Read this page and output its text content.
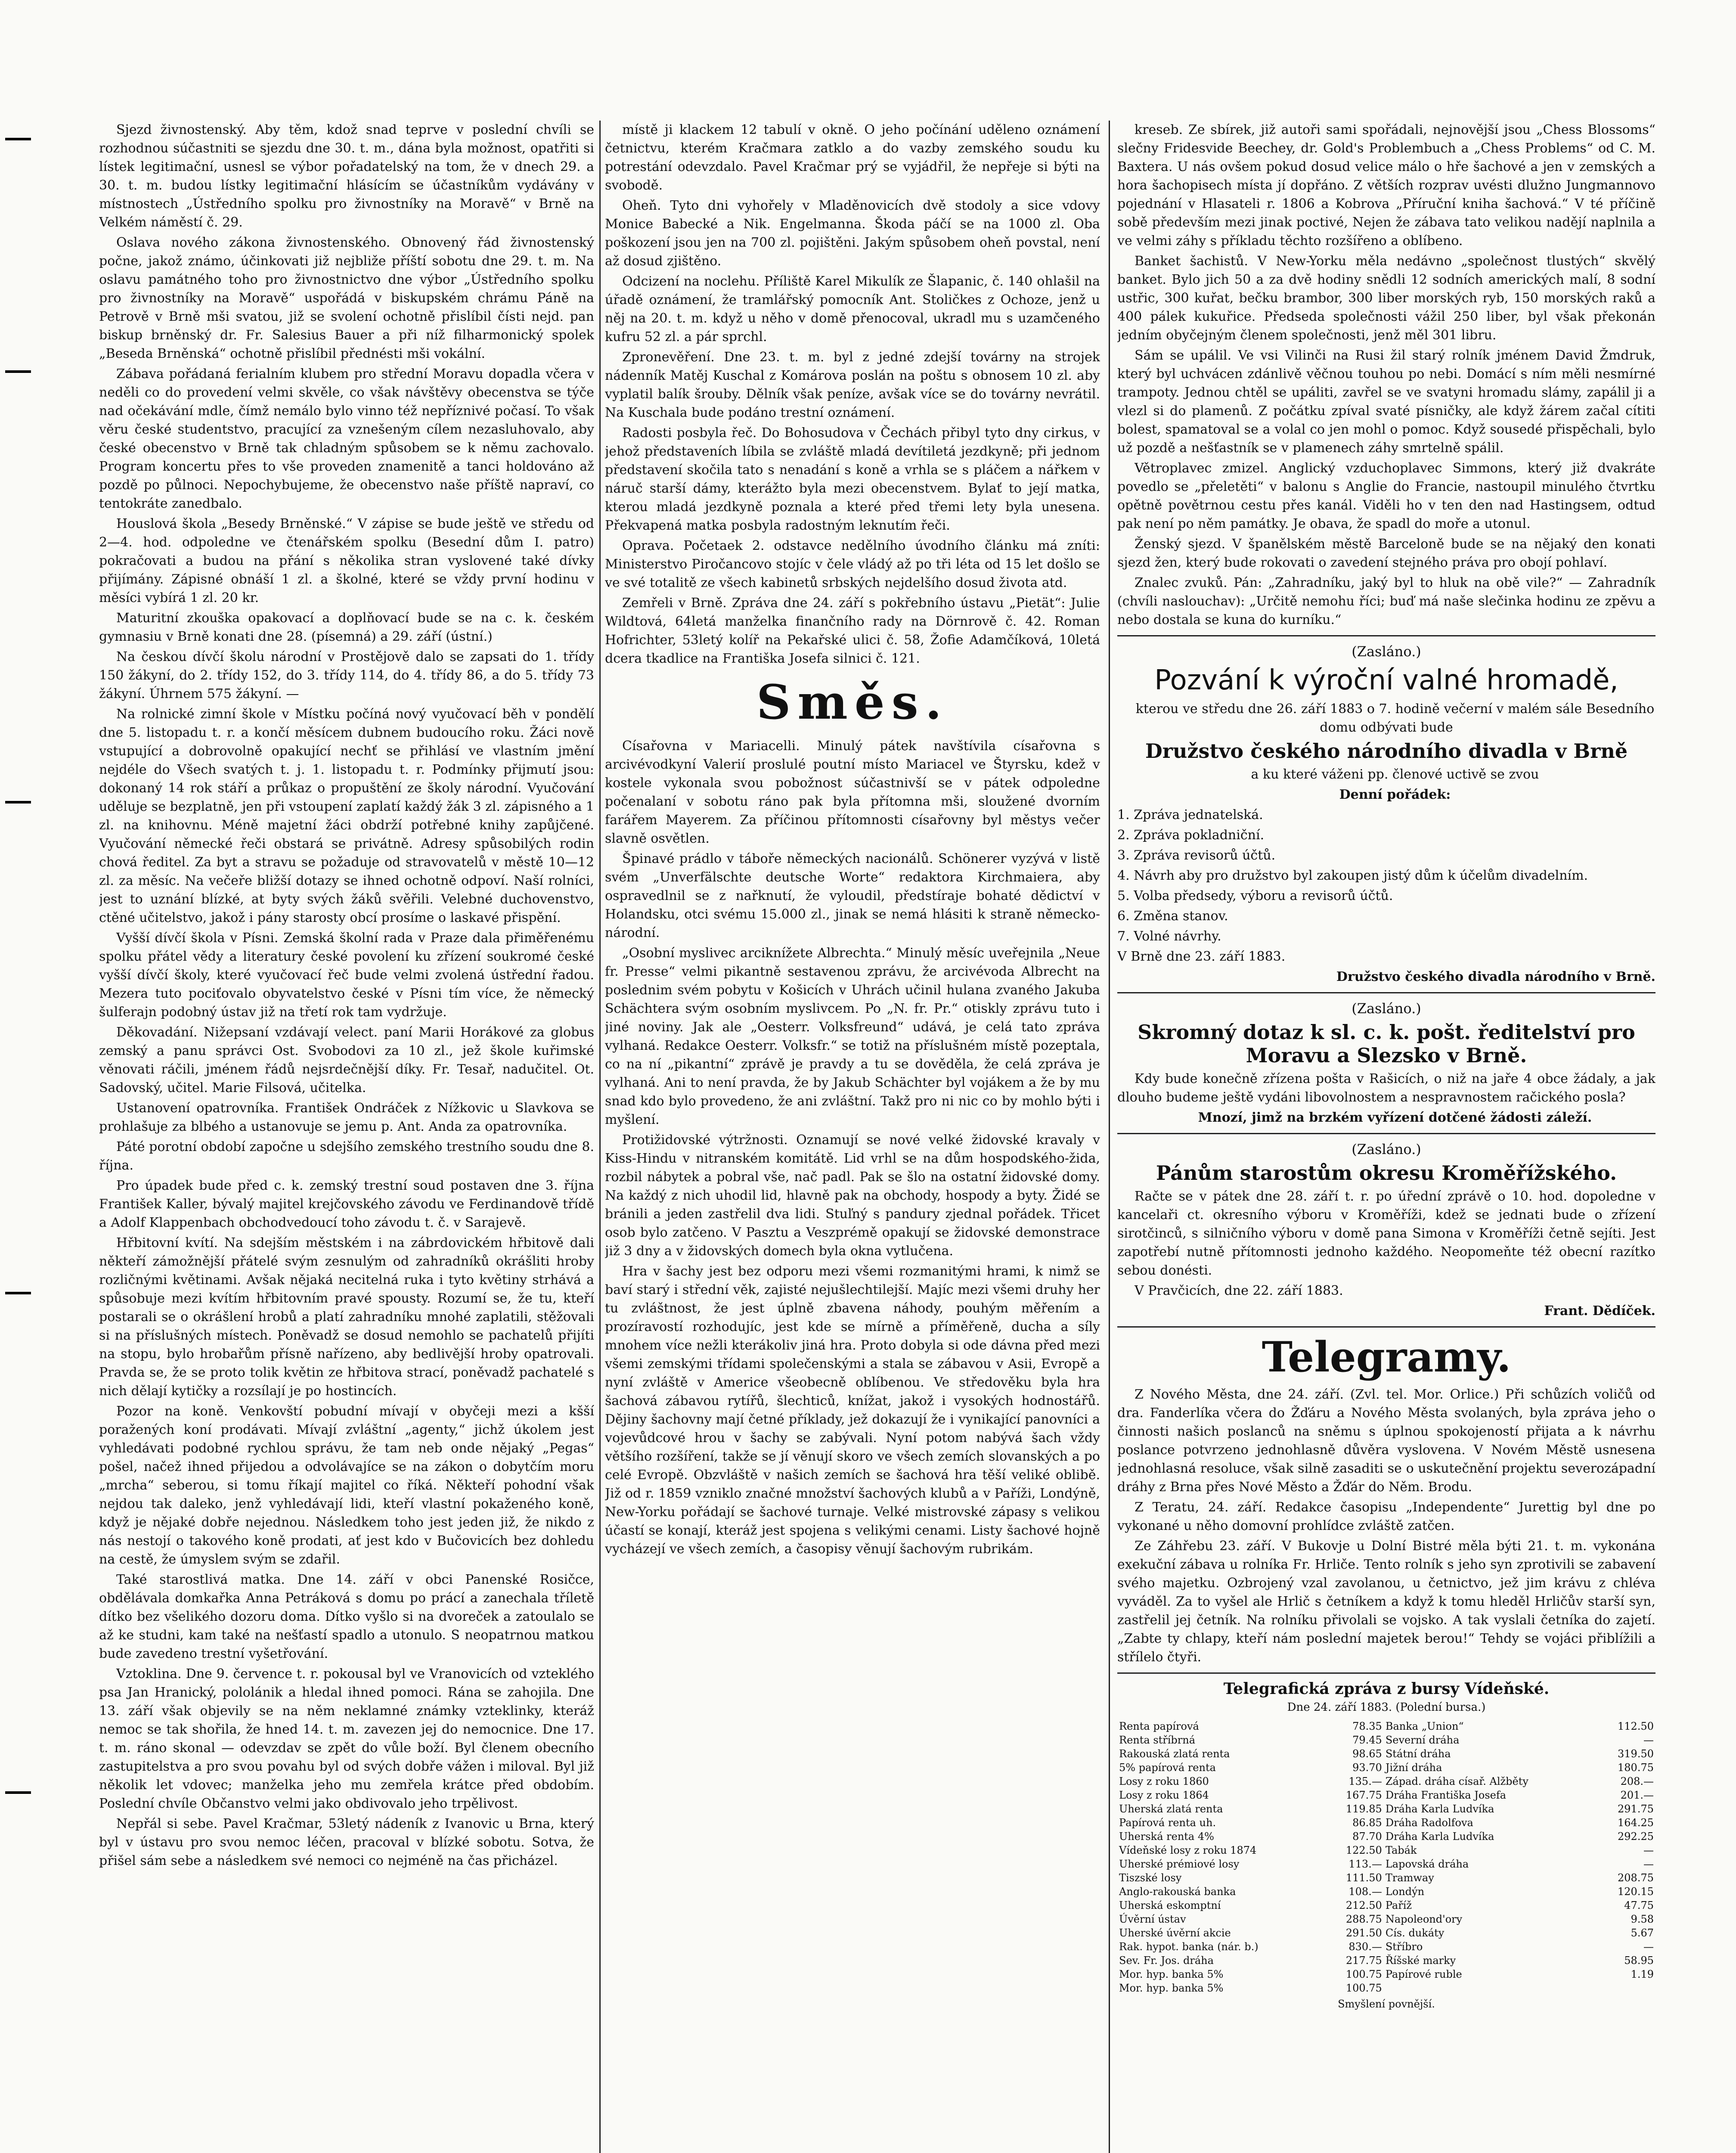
Sjezd živnostenský. Aby těm, kdož snad teprve v poslední chvíli se rozhodnou súčastniti se sjezdu dne 30. t. m., dána byla možnost, opatřiti si lístek legitimační, usnesl se výbor pořadatelský na tom, že v dnech 29. a 30. t. m. budou lístky legitimační hlásícím se účastníkům vydávány v místnostech „Ústředního spolku pro živnostníky na Moravě“ v Brně na Velkém náměstí č. 29.

Oslava nového zákona živnostenského. Obnovený řád živnostenský počne, jakož známo, účinkovati již nejbliže příští sobotu dne 29. t. m. Na oslavu památného toho pro živnostnictvo dne výbor „Ústředního spolku pro živnostníky na Moravě“ uspořádá v biskupském chrámu Páně na Petrově v Brně mši svatou, již se svolení ochotně přislíbil čísti nejd. pan biskup brněnský dr. Fr. Salesius Bauer a při níž filharmonický spolek „Beseda Brněnská“ ochotně přislíbil přednésti mši vokální.

Zábava pořádaná ferialním klubem pro střední Moravu dopadla včera v neděli co do provedení velmi skvěle, co však návštěvy obecenstva se týče nad očekávání mdle, čímž nemálo bylo vinno též nepříznivé počasí. To však věru české studentstvo, pracující za vznešeným cílem nezasluhovalo, aby české obecenstvo v Brně tak chladným spůsobem se k němu zachovalo. Program koncertu přes to vše proveden znamenitě a tanci holdováno až pozdě po půlnoci. Nepochybujeme, že obecenstvo naše příště napraví, co tentokráte zanedbalo.

Houslová škola „Besedy Brněnské.“ V zápise se bude ještě ve středu od 2—4. hod. odpoledne ve čtenářském spolku (Besední dům I. patro) pokračovati a budou na přání s několika stran vyslovené také dívky přijímány. Zápisné obnáší 1 zl. a školné, které se vždy první hodinu v měsíci vybírá 1 zl. 20 kr.

Maturitní zkouška opakovací a doplňovací bude se na c. k. českém gymnasiu v Brně konati dne 28. (písemná) a 29. září (ústní.)

Na českou dívčí školu národní v Prostějově dalo se zapsati do 1. třídy 150 žákyní, do 2. třídy 152, do 3. třídy 114, do 4. třídy 86, a do 5. třídy 73 žákyní. Úhrnem 575 žákyní. —

Na rolnické zimní škole v Místku počíná nový vyučovací běh v pondělí dne 5. listopadu t. r. a končí měsícem dubnem budoucího roku. Žáci nově vstupující a dobrovolně opakující nechť se přihlásí ve vlastním jmění nejdéle do Všech svatých t. j. 1. listopadu t. r. Podmínky přijmutí jsou: dokonaný 14 rok stáří a průkaz o propuštění ze školy národní. Vyučování uděluje se bezplatně, jen při vstoupení zaplatí každý žák 3 zl. zápisného a 1 zl. na knihovnu. Méně majetní žáci obdrží potřebné knihy zapůjčené. Vyučování německé řeči obstará se privátně. Adresy spůsobilých rodin chová ředitel. Za byt a stravu se požaduje od stravovatelů v městě 10—12 zl. za měsíc. Na večeře bližší dotazy se ihned ochotně odpoví. Naší rolníci, jest to uznání blízké, at byty svých žáků svěřili. Velebné duchovenstvo, ctěné učitelstvo, jakož i pány starosty obcí prosíme o laskavé přispění.

Vyšší dívčí škola v Písni. Zemská školní rada v Praze dala přiměřenému spolku přátel vědy a literatury české povolení ku zřízení soukromé české vyšší dívčí školy, které vyučovací řeč bude velmi zvolená ústřední řadou. Mezera tuto pociťovalo obyvatelstvo české v Písni tím více, že německý šulferajn podobný ústav již na třetí rok tam vydržuje.

Děkovadání. Nižepsaní vzdávají velect. paní Marii Horákové za globus zemský a panu správci Ost. Svobodovi za 10 zl., jež škole kuřimské věnovati ráčili, jménem řádů nejsrdečnější díky. Fr. Tesař, nadučitel. Ot. Sadovský, učitel. Marie Filsová, učitelka.

Ustanovení opatrovníka. František Ondráček z Nížkovic u Slavkova se prohlašuje za blbého a ustanovuje se jemu p. Ant. Anda za opatrovníka.

Páté porotní období započne u sdejšího zemského trestního soudu dne 8. října.

Pro úpadek bude před c. k. zemský trestní soud postaven dne 3. října František Kaller, bývalý majitel krejčovského závodu ve Ferdinandově třídě a Adolf Klappenbach obchodvedoucí toho závodu t. č. v Sarajevě.

Hřbitovní kvítí. Na sdejším městském i na zábrdovickém hřbitově dali někteří zámožnější přátelé svým zesnulým od zahradníků okrášliti hroby rozličnými květinami. Avšak nějaká necitelná ruka i tyto květiny strhává a spůsobuje mezi kvítím hřbitovním pravé spousty. Rozumí se, že tu, kteří postarali se o okrášlení hrobů a platí zahradníku mnohé zaplatili, stěžovali si na příslušných místech. Poněvadž se dosud nemohlo se pachatelů přijíti na stopu, bylo hrobařům přísně nařízeno, aby bedlivější hroby opatrovali. Pravda se, že se proto tolik květin ze hřbitova strací, poněvadž pachatelé s nich dělají kytičky a rozsílají je po hostincích.

Pozor na koně. Venkovští pobudní mívají v obyčeji mezi a kšší poražených koní prodávati. Mívají zvláštní „agenty,“ jichž úkolem jest vyhledávati podobné rychlou správu, že tam neb onde nějaký „Pegas“ pošel, načež ihned přijedou a odvolávajíce se na zákon o dobytčím moru „mrcha“ seberou, si tomu říkají majitel co říká. Někteří pohodní však nejdou tak daleko, jenž vyhledávají lidi, kteří vlastní pokaženého koně, když je nějaké dobře nejednou. Následkem toho jest jeden již, že nikdo z nás nestojí o takového koně prodati, ať jest kdo v Bučovicích bez dohledu na cestě, že úmyslem svým se zdařil.

Také starostlivá matka. Dne 14. září v obci Panenské Rosičce, obdělávala domkařka Anna Petráková s domu po prácí a zanechala tříletě dítko bez všelikého dozoru doma. Dítko vyšlo si na dvoreček a zatoulalo se až ke studni, kam také na nešťastí spadlo a utonulo. S neopatrnou matkou bude zavedeno trestní vyšetřování.

Vztoklina. Dne 9. července t. r. pokousal byl ve Vranovicích od vzteklého psa Jan Hranický, pololánik a hledal ihned pomoci. Rána se zahojila. Dne 13. září však objevily se na něm neklamné známky vzteklinky, kteráž nemoc se tak shořila, že hned 14. t. m. zavezen jej do nemocnice. Dne 17. t. m. ráno skonal — odevzdav se zpět do vůle boží. Byl členem obecního zastupitelstva a pro svou povahu byl od svých dobře vážen i miloval. Byl již několik let vdovec; manželka jeho mu zemřela krátce před obdobím. Poslední chvíle Občanstvo velmi jako obdivovalo jeho trpělivost.

Nepřál si sebe. Pavel Kračmar, 53letý nádeník z Ivanovic u Brna, který byl v ústavu pro svou nemoc léčen, pracoval v blízké sobotu. Sotva, že přišel sám sebe a následkem své nemoci co nejméně na čas přicházel.

místě ji klackem 12 tabulí v okně. O jeho počínání uděleno oznámení četnictvu, kterém Kračmara zatklo a do vazby zemského soudu ku potrestání odevzdalo. Pavel Kračmar prý se vyjádřil, že nepřeje si býti na svobodě.

Oheň. Tyto dni vyhořely v Mladěnovicích dvě stodoly a sice vdovy Monice Babecké a Nik. Engelmanna. Škoda páčí se na 1000 zl. Oba poškození jsou jen na 700 zl. pojištěni. Jakým spůsobem oheň povstal, není až dosud zjištěno.

Odcizení na noclehu. Příliště Karel Mikulík ze Šlapanic, č. 140 ohlašil na úřadě oznámení, že tramlářský pomocník Ant. Stoličkes z Ochoze, jenž u něj na 20. t. m. když u něho v domě přenocoval, ukradl mu s uzamčeného kufru 52 zl. a pár sprchl.

Zpronevěření. Dne 23. t. m. byl z jedné zdejší továrny na strojek nádenník Matěj Kuschal z Komárova poslán na poštu s obnosem 10 zl. aby vyplatil balík šrouby. Dělník však peníze, avšak více se do továrny nevrátil. Na Kuschala bude podáno trestní oznámení.

Radosti posbyla řeč. Do Bohosudova v Čechách přibyl tyto dny cirkus, v jehož představeních líbila se zvláště mladá devítiletá jezdkyně; při jednom představení skočila tato s nenadání s koně a vrhla se s pláčem a nářkem v náruč starší dámy, kterážto byla mezi obecenstvem. Bylať to její matka, kterou mladá jezdkyně poznala a které před třemi lety byla unesena. Překvapená matka posbyla radostným leknutím řeči.

Oprava. Početaek 2. odstavce nedělního úvodního článku má zníti: Ministerstvo Piročancovo stojíc v čele vládý až po tři léta od 15 let došlo se ve své totalitě ze všech kabinetů srbských nejdelšího dosud života atd.

Zemřeli v Brně. Zpráva dne 24. září s pokřebního ústavu „Pietät“: Julie Wildtová, 64letá manželka finančního rady na Dörnrově č. 42. Roman Hofrichter, 53letý kolíř na Pekařské ulici č. 58, Žofie Adamčíková, 10letá dcera tkadlice na Františka Josefa silnici č. 121.

Směs.

Císařovna v Mariacelli. Minulý pátek navštívila císařovna s arcivévodkyní Valerií proslulé poutní místo Mariacel ve Štyrsku, kdež v kostele vykonala svou pobožnost súčastnivší se v pátek odpoledne počenalaní v sobotu ráno pak byla přítomna mši, sloužené dvorním farářem Mayerem. Za příčinou přítomnosti císařovny byl městys večer slavně osvětlen.

Špinavé prádlo v táboře německých nacionálů. Schönerer vyzývá v listě svém „Unverfälschte deutsche Worte“ redaktora Kirchmaiera, aby ospravedlnil se z nařknutí, že vyloudil, předstíraje bohaté dědictví v Holandsku, otci svému 15.000 zl., jinak se nemá hlásiti k straně německo-národní.

„Osobní myslivec arciknížete Albrechta.“ Minulý měsíc uveřejnila „Neue fr. Presse“ velmi pikantně sestavenou zprávu, že arcivévoda Albrecht na poslednim svém pobytu v Košicích v Uhrách učinil hulana zvaného Jakuba Schächtera svým osobním myslivcem. Po „N. fr. Pr.“ otiskly zprávu tuto i jiné noviny. Jak ale „Oesterr. Volksfreund“ udává, je celá tato zpráva vylhaná. Redakce Oesterr. Volksfr.“ se totiž na příslušném místě pozeptala, co na ní „pikantní“ zprávě je pravdy a tu se dověděla, že celá zpráva je vylhaná. Ani to není pravda, že by Jakub Schächter byl vojákem a že by mu snad kdo bylo provedeno, že ani zvláštní. Takž pro ni nic co by mohlo býti i myšlení.

Protižidovské výtržnosti. Oznamují se nové velké židovské kravaly v Kiss-Hindu v nitranském komitátě. Lid vrhl se na dům hospodského-žida, rozbil nábytek a pobral vše, nač padl. Pak se šlo na ostatní židovské domy. Na každý z nich uhodil lid, hlavně pak na obchody, hospody a byty. Židé se bránili a jeden zastřelil dva lidi. Stuľný s pandury zjednal pořádek. Třicet osob bylo zatčeno. V Pasztu a Veszprémě opakují se židovské demonstrace již 3 dny a v židovských domech byla okna vytlučena.

Hra v šachy jest bez odporu mezi všemi rozmanitými hrami, k nimž se baví starý i střední věk, zajisté nejušlechtilejší. Majíc mezi všemi druhy her tu zvláštnost, že jest úplně zbavena náhody, pouhým měřením a prozíravostí rozhodujíc, jest kde se mírně a příměřeně, ducha a síly mnohem více nežli kterákoliv jiná hra. Proto dobyla si ode dávna před mezi všemi zemskými třídami společenskými a stala se zábavou v Asii, Evropě a nyní zvláště v Americe všeobecně oblíbenou. Ve středověku byla hra šachová zábavou rytířů, šlechticů, knížat, jakož i vysokých hodnostářů. Dějiny šachovny mají četné příklady, jež dokazují že i vynikající panovníci a vojevůdcové hrou v šachy se zabývali. Nyní potom nabývá šach vždy většího rozšíření, takže se jí věnují skoro ve všech zemích slovanských a po celé Evropě. Obzvláště v našich zemích se šachová hra těší veliké oblibě. Již od r. 1859 vzniklo značné množství šachových klubů a v Paříži, Londýně, New-Yorku pořádají se šachové turnaje. Velké mistrovské zápasy s velikou účastí se konají, kteráž jest spojena s velikými cenami. Listy šachové hojně vycházejí ve všech zemích, a časopisy věnují šachovým rubrikám.

kreseb. Ze sbírek, již autoři sami spořádali, nejnovější jsou „Chess Blossoms“ slečny Fridesvide Beechey, dr. Gold's Problembuch a „Chess Problems“ od C. M. Baxtera. U nás ovšem pokud dosud velice málo o hře šachové a jen v zemských a hora šachopisech místa jí dopřáno. Z větších rozprav uvésti dlužno Jungmannovo pojednání v Hlasateli r. 1806 a Kobrova „Příruční kniha šachová.“ V té příčině sobě především mezi jinak poctivé, Nejen že zábava tato velikou nadějí naplnila a ve velmi záhy s příkladu těchto rozšířeno a oblíbeno.

Banket šachistů. V New-Yorku měla nedávno „společnost tlustých“ skvělý banket. Bylo jich 50 a za dvě hodiny snědli 12 sodních amerických malí, 8 sodní ustřic, 300 kuřat, bečku brambor, 300 liber morských ryb, 150 morských raků a 400 pálek kukuřice. Předseda společnosti vážil 250 liber, byl však překonán jedním obyčejným členem společnosti, jenž měl 301 libru.

Sám se upálil. Ve vsi Vilinči na Rusi žil starý rolník jménem David Žmdruk, který byl uchvácen zdánlivě věčnou touhou po nebi. Domácí s ním měli nesmírné trampoty. Jednou chtěl se upáliti, zavřel se ve svatyni hromadu slámy, zapálil ji a vlezl si do plamenů. Z počátku zpíval svaté písničky, ale když žárem začal cítiti bolest, spamatoval se a volal co jen mohl o pomoc. Když sousedé přispěchali, bylo už pozdě a nešťastník se v plamenech záhy smrtelně spálil.

Větroplavec zmizel. Anglický vzduchoplavec Simmons, který již dvakráte povedlo se „přeletěti“ v balonu s Anglie do Francie, nastoupil minulého čtvrtku opětně povětrnou cestu přes kanál. Viděli ho v ten den nad Hastingsem, odtud pak není po něm památky. Je obava, že spadl do moře a utonul.

Ženský sjezd. V španělském městě Barceloně bude se na nějaký den konati sjezd žen, který bude rokovati o zavedení stejného práva pro obojí pohlaví.

Znalec zvuků. Pán: „Zahradníku, jaký byl to hluk na obě vile?“ — Zahradník (chvíli naslouchav): „Určitě nemohu říci; buď má naše slečinka hodinu ze zpěvu a nebo dostala se kuna do kurníku.“

(Zasláno.)
Pozvání k výroční valné hromadě,

kterou ve středu dne 26. září 1883 o 7. hodině večerní v malém sále Besedního domu odbývati bude

Družstvo českého národního divadla v Brně

a ku které váženi pp. členové uctivě se zvou

Denní pořádek:

1. Zpráva jednatelská.

2. Zpráva pokladniční.

3. Zpráva revisorů účtů.

4. Návrh aby pro družstvo byl zakoupen jistý dům k účelům divadelním.

5. Volba předsedy, výboru a revisorů účtů.

6. Změna stanov.

7. Volné návrhy.

V Brně dne 23. září 1883.

Družstvo českého divadla národního v Brně.

(Zasláno.)
Skromný dotaz k sl. c. k. pošt. ředitelství pro Moravu a Slezsko v Brně.

Kdy bude konečně zřízena pošta v Rašicích, o niž na jaře 4 obce žádaly, a jak dlouho budeme ještě vydáni libovolnostem a nespravnostem račického posla?

Mnozí, jimž na brzkém vyřízení dotčené žádosti záleží.

(Zasláno.)
Pánům starostům okresu Kroměřížského.

Račte se v pátek dne 28. září t. r. po úřední zprávě o 10. hod. dopoledne v kancelaři ct. okresního výboru v Kroměříži, kdež se jednati bude o zřízení sirotčinců, s silničního výboru v domě pana Simona v Kroměříži četně sejíti. Jest zapotřebí nutně přítomnosti jednoho každého. Neopomeňte též obecní razítko sebou donésti.

V Pravčicích, dne 22. září 1883.

Frant. Dědíček.

Telegramy.

Z Nového Města, dne 24. září. (Zvl. tel. Mor. Orlice.) Při schůzích voličů od dra. Fanderlíka včera do Žďáru a Nového Města svolaných, byla zpráva jeho o činnosti našich poslanců na sněmu s úplnou spokojeností přijata a k návrhu poslance potvrzeno jednohlasně důvěra vyslovena. V Novém Městě usnesena jednohlasná resoluce, však silně zasaditi se o uskutečnění projektu severozápadní dráhy z Brna přes Nové Město a Žďár do Něm. Brodu.

Z Teratu, 24. září. Redakce časopisu „Independente“ Jurettig byl dne po vykonané u něho domovní prohlídce zvláště zatčen.

Ze Záhřebu 23. září. V Bukovje u Dolní Bistré měla býti 21. t. m. vykonána exekuční zábava u rolníka Fr. Hrliče. Tento rolník s jeho syn zprotivili se zabavení svého majetku. Ozbrojený vzal zavolanou, u četnictvo, jež jim krávu z chléva vyváděl. Za to vyšel ale Hrlič s četníkem a když k tomu hleděl Hrličův starší syn, zastřelil jej četník. Na rolníku přivolali se vojsko. A tak vyslali četníka do zajetí. „Zabte ty chlapy, kteří nám poslední majetek berou!“ Tehdy se vojáci přiblížili a střílelo čtyři.

Telegrafická zpráva z bursy Vídeňské.
Dne 24. září 1883. (Polední bursa.)
Renta papírová	78.35	Banka „Union“	112.50
Renta stříbrná	79.45	Severní dráha	—
Rakouská zlatá renta	98.65	Státní dráha	319.50
5% papírová renta	93.70	Jižní dráha	180.75
Losy z roku 1860	135.—	Západ. dráha císař. Alžběty	208.—
Losy z roku 1864	167.75	Dráha Františka Josefa	201.—
Uherská zlatá renta	119.85	Dráha Karla Ludvíka	291.75
Papírová renta uh.	86.85	Dráha Radolfova	164.25
Uherská renta 4%	87.70	Dráha Karla Ludvíka	292.25
Vídeňské losy z roku 1874	122.50	Tabák	—
Uherské prémiové losy	113.—	Lapovská dráha	—
Tiszské losy	111.50	Tramway	208.75
Anglo-rakouská banka	108.—	Londýn	120.15
Uherská eskomptní	212.50	Paříž	47.75
Úvěrní ústav	288.75	Napoleond'ory	9.58
Uherské úvěrní akcie	291.50	Cís. dukáty	5.67
Rak. hypot. banka (nár. b.)	830.—	Stříbro	—
Sev. Fr. Jos. dráha	217.75	Říšské marky	58.95
Mor. hyp. banka 5%	100.75	Papírové ruble	1.19
Mor. hyp. banka 5%	100.75		
Smyšlení povnější.
